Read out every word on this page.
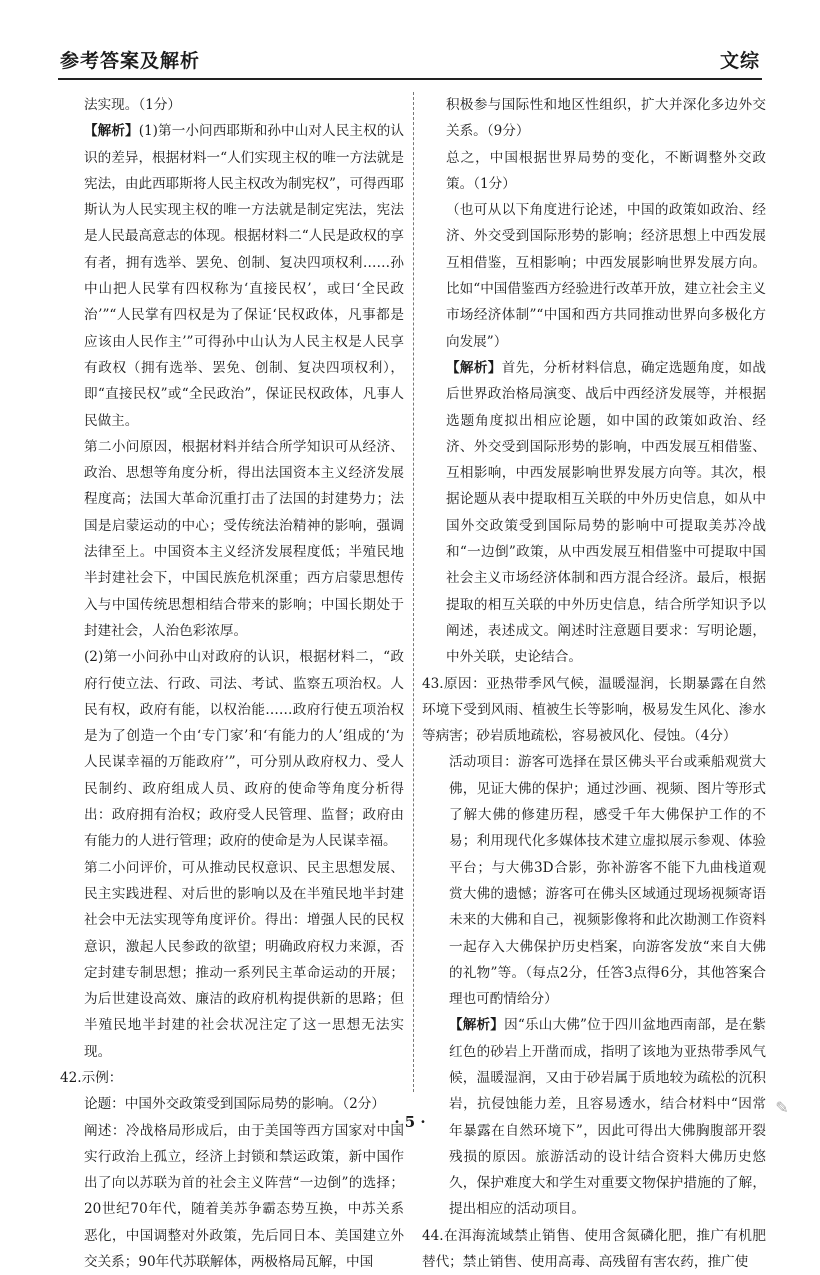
参考答案及解析	文综

法实现。（1分）

【解析】(1)第一小问西耶斯和孙中山对人民主权的认识的差异，根据材料一“人们实现主权的唯一方法就是宪法，由此西耶斯将人民主权改为制宪权”，可得西耶斯认为人民实现主权的唯一方法就是制定宪法，宪法是人民最高意志的体现。根据材料二“人民是政权的享有者，拥有选举、罢免、创制、复决四项权利……孙中山把人民掌有四权称为‘直接民权’，或曰‘全民政治’”“人民掌有四权是为了保证‘民权政体，凡事都是应该由人民作主’”可得孙中山认为人民主权是人民享有政权（拥有选举、罢免、创制、复决四项权利），即“直接民权”或“全民政治”，保证民权政体，凡事人民做主。

第二小问原因，根据材料并结合所学知识可从经济、政治、思想等角度分析，得出法国资本主义经济发展程度高；法国大革命沉重打击了法国的封建势力；法国是启蒙运动的中心；受传统法治精神的影响，强调法律至上。中国资本主义经济发展程度低；半殖民地半封建社会下，中国民族危机深重；西方启蒙思想传入与中国传统思想相结合带来的影响；中国长期处于封建社会，人治色彩浓厚。

(2)第一小问孙中山对政府的认识，根据材料二，“政府行使立法、行政、司法、考试、监察五项治权。人民有权，政府有能，以权治能……政府行使五项治权是为了创造一个由‘专门家’和‘有能力的人’组成的‘为人民谋幸福的万能政府’”，可分别从政府权力、受人民制约、政府组成人员、政府的使命等角度分析得出：政府拥有治权；政府受人民管理、监督；政府由有能力的人进行管理；政府的使命是为人民谋幸福。

第二小问评价，可从推动民权意识、民主思想发展、民主实践进程、对后世的影响以及在半殖民地半封建社会中无法实现等角度评价。得出：增强人民的民权意识，激起人民参政的欲望；明确政府权力来源，否定封建专制思想；推动一系列民主革命运动的开展；为后世建设高效、廉洁的政府机构提供新的思路；但半殖民地半封建的社会状况注定了这一思想无法实现。

42.示例：

论题：中国外交政策受到国际局势的影响。（2分）

阐述：冷战格局形成后，由于美国等西方国家对中国实行政治上孤立，经济上封锁和禁运政策，新中国作出了向以苏联为首的社会主义阵营“一边倒”的选择；20世纪70年代，随着美苏争霸态势互换，中苏关系恶化，中国调整对外政策，先后同日本、美国建立外交关系；90年代苏联解体，两极格局瓦解，中国

积极参与国际性和地区性组织，扩大并深化多边外交关系。（9分）

总之，中国根据世界局势的变化，不断调整外交政策。（1分）

（也可从以下角度进行论述，中国的政策如政治、经济、外交受到国际形势的影响；经济思想上中西发展互相借鉴，互相影响；中西发展影响世界发展方向。比如“中国借鉴西方经验进行改革开放，建立社会主义市场经济体制”“中国和西方共同推动世界向多极化方向发展”）

【解析】首先，分析材料信息，确定选题角度，如战后世界政治格局演变、战后中西经济发展等，并根据选题角度拟出相应论题，如中国的政策如政治、经济、外交受到国际形势的影响，中西发展互相借鉴、互相影响，中西发展影响世界发展方向等。其次，根据论题从表中提取相互关联的中外历史信息，如从中国外交政策受到国际局势的影响中可提取美苏冷战和“一边倒”政策，从中西发展互相借鉴中可提取中国社会主义市场经济体制和西方混合经济。最后，根据提取的相互关联的中外历史信息，结合所学知识予以阐述，表述成文。阐述时注意题目要求：写明论题，中外关联，史论结合。

43.原因：亚热带季风气候，温暖湿润，长期暴露在自然环境下受到风雨、植被生长等影响，极易发生风化、渗水等病害；砂岩质地疏松，容易被风化、侵蚀。（4分）

活动项目：游客可选择在景区佛头平台或乘船观赏大佛，见证大佛的保护；通过沙画、视频、图片等形式了解大佛的修建历程，感受千年大佛保护工作的不易；利用现代化多媒体技术建立虚拟展示参观、体验平台；与大佛3D合影，弥补游客不能下九曲栈道观赏大佛的遗憾；游客可在佛头区域通过现场视频寄语未来的大佛和自己，视频影像将和此次勘测工作资料一起存入大佛保护历史档案，向游客发放“来自大佛的礼物”等。（每点2分，任答3点得6分，其他答案合理也可酌情给分）

【解析】因“乐山大佛”位于四川盆地西南部，是在紫红色的砂岩上开凿而成，指明了该地为亚热带季风气候，温暖湿润，又由于砂岩属于质地较为疏松的沉积岩，抗侵蚀能力差，且容易透水，结合材料中“因常年暴露在自然环境下”，因此可得出大佛胸腹部开裂残损的原因。旅游活动的设计结合资料大佛历史悠久，保护难度大和学生对重要文物保护措施的了解，提出相应的活动项目。

44.在洱海流域禁止销售、使用含氮磷化肥，推广有机肥替代；禁止销售、使用高毒、高残留有害农药，推广使

· 5 ·
✎
